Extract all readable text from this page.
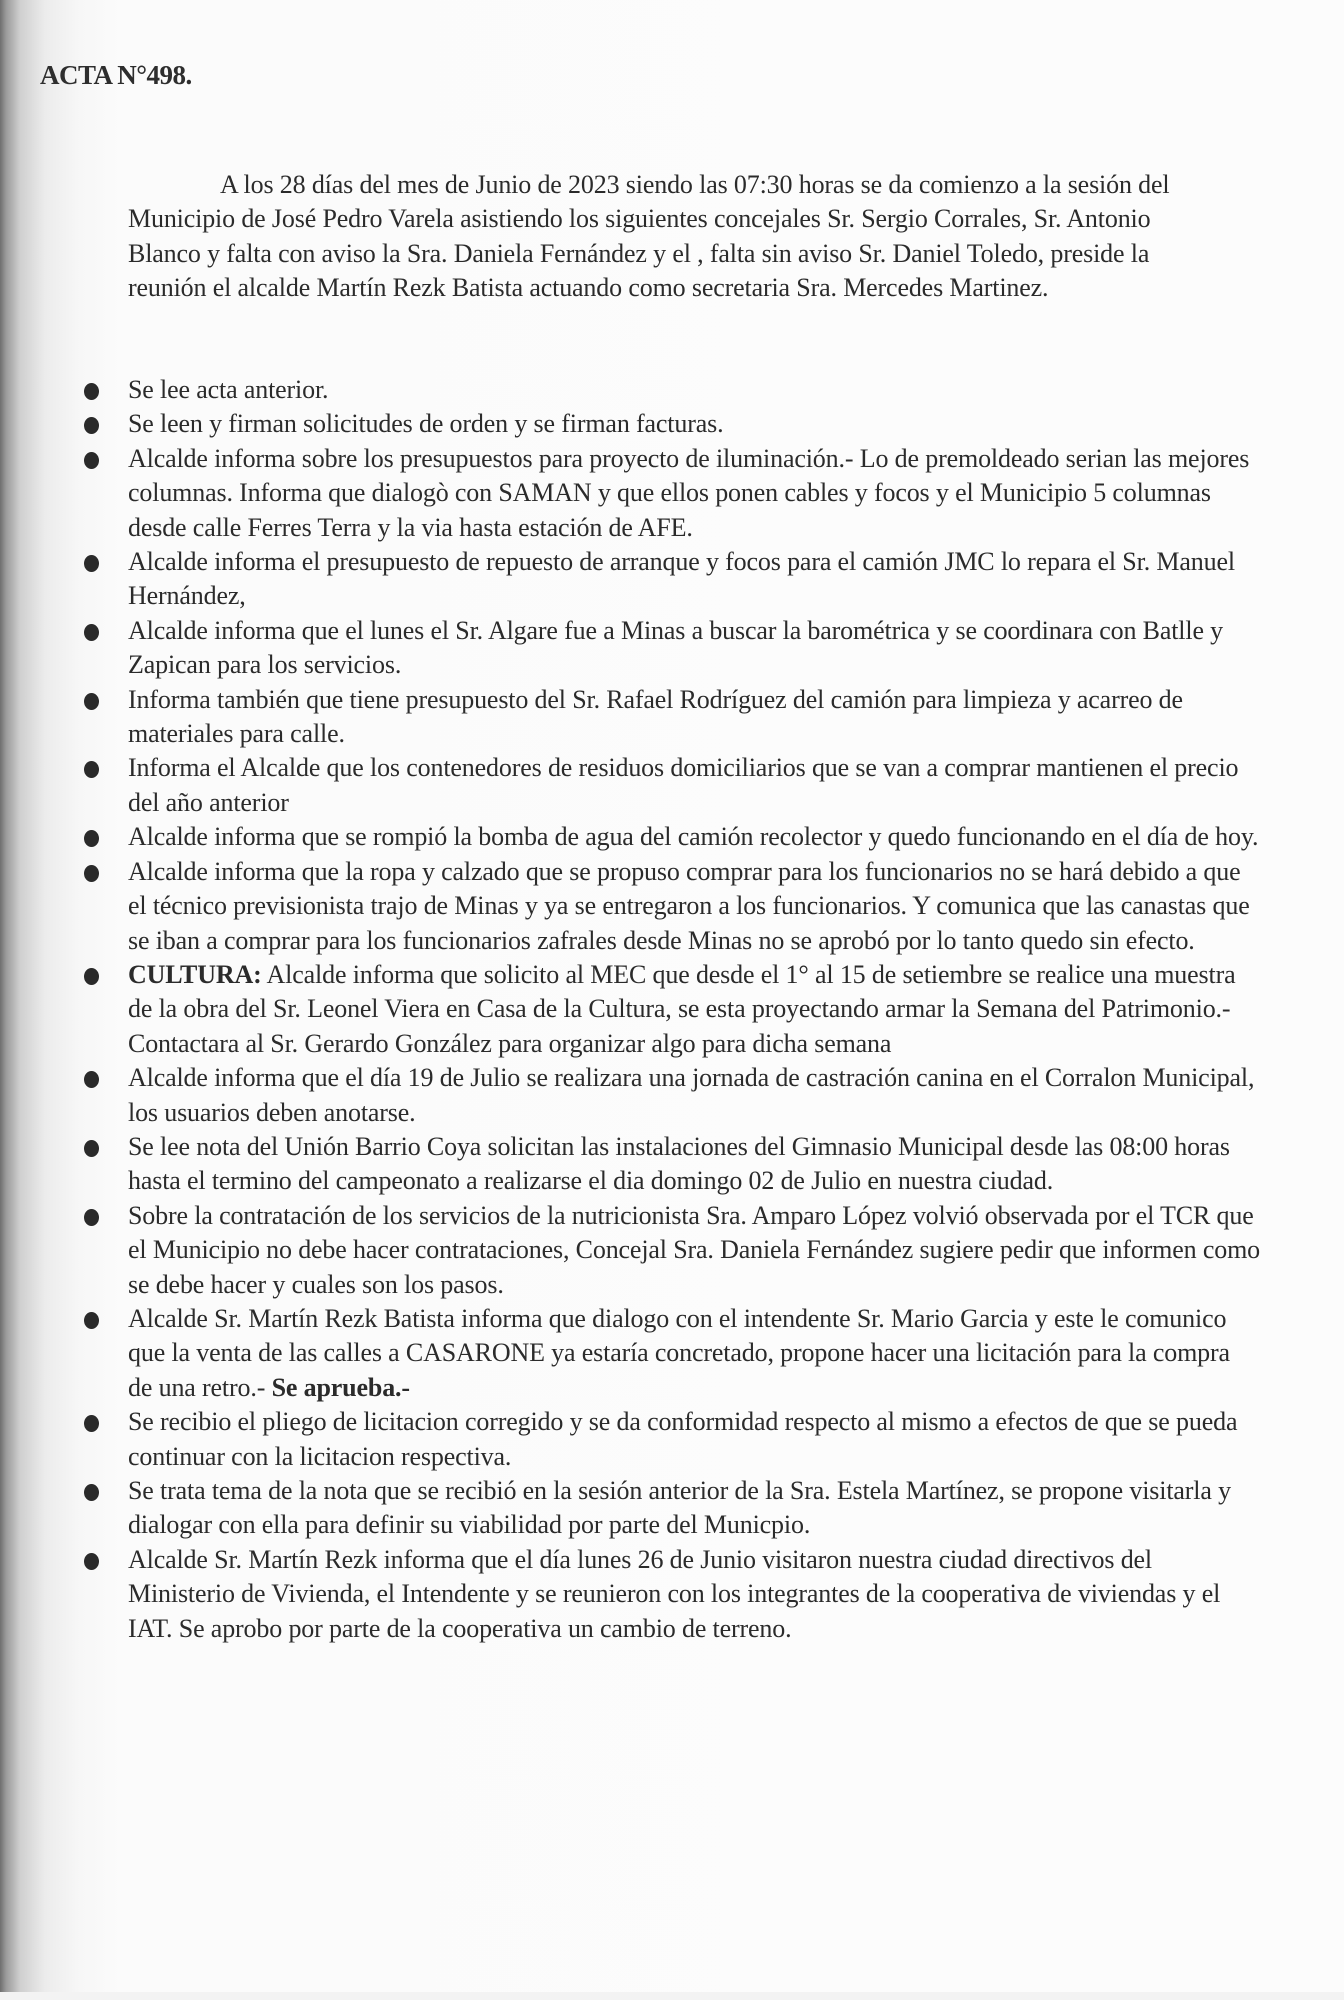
ACTA N°498.

A los 28 días del mes de Junio de 2023 siendo las 07:30 horas se da comienzo a la sesión del Municipio de José Pedro Varela asistiendo los siguientes concejales Sr. Sergio Corrales, Sr. Antonio Blanco y falta con aviso la Sra. Daniela Fernández y el , falta sin aviso Sr. Daniel Toledo, preside la reunión el alcalde Martín Rezk Batista actuando como secretaria Sra. Mercedes Martinez.

Se lee acta anterior.
Se leen y firman solicitudes de orden y se firman facturas.
Alcalde informa sobre los presupuestos para proyecto de iluminación.- Lo de premoldeado serian las mejores columnas. Informa que dialogò con SAMAN y que ellos ponen cables y focos y el Municipio 5 columnas desde calle Ferres Terra y la via hasta estación de AFE.
Alcalde informa el presupuesto de repuesto de arranque y focos para el camión JMC lo repara el Sr. Manuel Hernández,
Alcalde informa que el lunes el Sr. Algare fue a Minas a buscar la barométrica y se coordinara con Batlle y Zapican para los servicios.
Informa también que tiene presupuesto del Sr. Rafael Rodríguez del camión para limpieza y acarreo de materiales para calle.
Informa el Alcalde que los contenedores de residuos domiciliarios que se van a comprar mantienen el precio del año anterior
Alcalde informa que se rompió la bomba de agua del camión recolector y quedo funcionando en el día de hoy.
Alcalde informa que la ropa y calzado que se propuso comprar para los funcionarios no se hará debido a que el técnico previsionista trajo de Minas y ya se entregaron a los funcionarios. Y comunica que las canastas que se iban a comprar para los funcionarios zafrales desde Minas no se aprobó por lo tanto quedo sin efecto.
CULTURA: Alcalde informa que solicito al MEC que desde el 1° al 15 de setiembre se realice una muestra de la obra del Sr. Leonel Viera en Casa de la Cultura, se esta proyectando armar la Semana del Patrimonio.- Contactara al Sr. Gerardo González para organizar algo para dicha semana
Alcalde informa que el día 19 de Julio se realizara una jornada de castración canina en el Corralon Municipal, los usuarios deben anotarse.
Se lee nota del Unión Barrio Coya solicitan las instalaciones del Gimnasio Municipal desde las 08:00 horas hasta el termino del campeonato a realizarse el dia domingo 02 de Julio en nuestra ciudad.
Sobre la contratación de los servicios de la nutricionista Sra. Amparo López volvió observada por el TCR que el Municipio no debe hacer contrataciones, Concejal Sra. Daniela Fernández sugiere pedir que informen como se debe hacer y cuales son los pasos.
Alcalde Sr. Martín Rezk Batista informa que dialogo con el intendente Sr. Mario Garcia y este le comunico que la venta de las calles a CASARONE ya estaría concretado, propone hacer una licitación para la compra de una retro.- Se aprueba.-
Se recibio el pliego de licitacion corregido y se da conformidad respecto al mismo a efectos de que se pueda continuar con la licitacion respectiva.
Se trata tema de la nota que se recibió en la sesión anterior de la Sra. Estela Martínez, se propone visitarla y dialogar con ella para definir su viabilidad por parte del Municpio.
Alcalde Sr. Martín Rezk informa que el día lunes 26 de Junio visitaron nuestra ciudad directivos del Ministerio de Vivienda, el Intendente y se reunieron con los integrantes de la cooperativa de viviendas y el IAT. Se aprobo por parte de la cooperativa un cambio de terreno.
